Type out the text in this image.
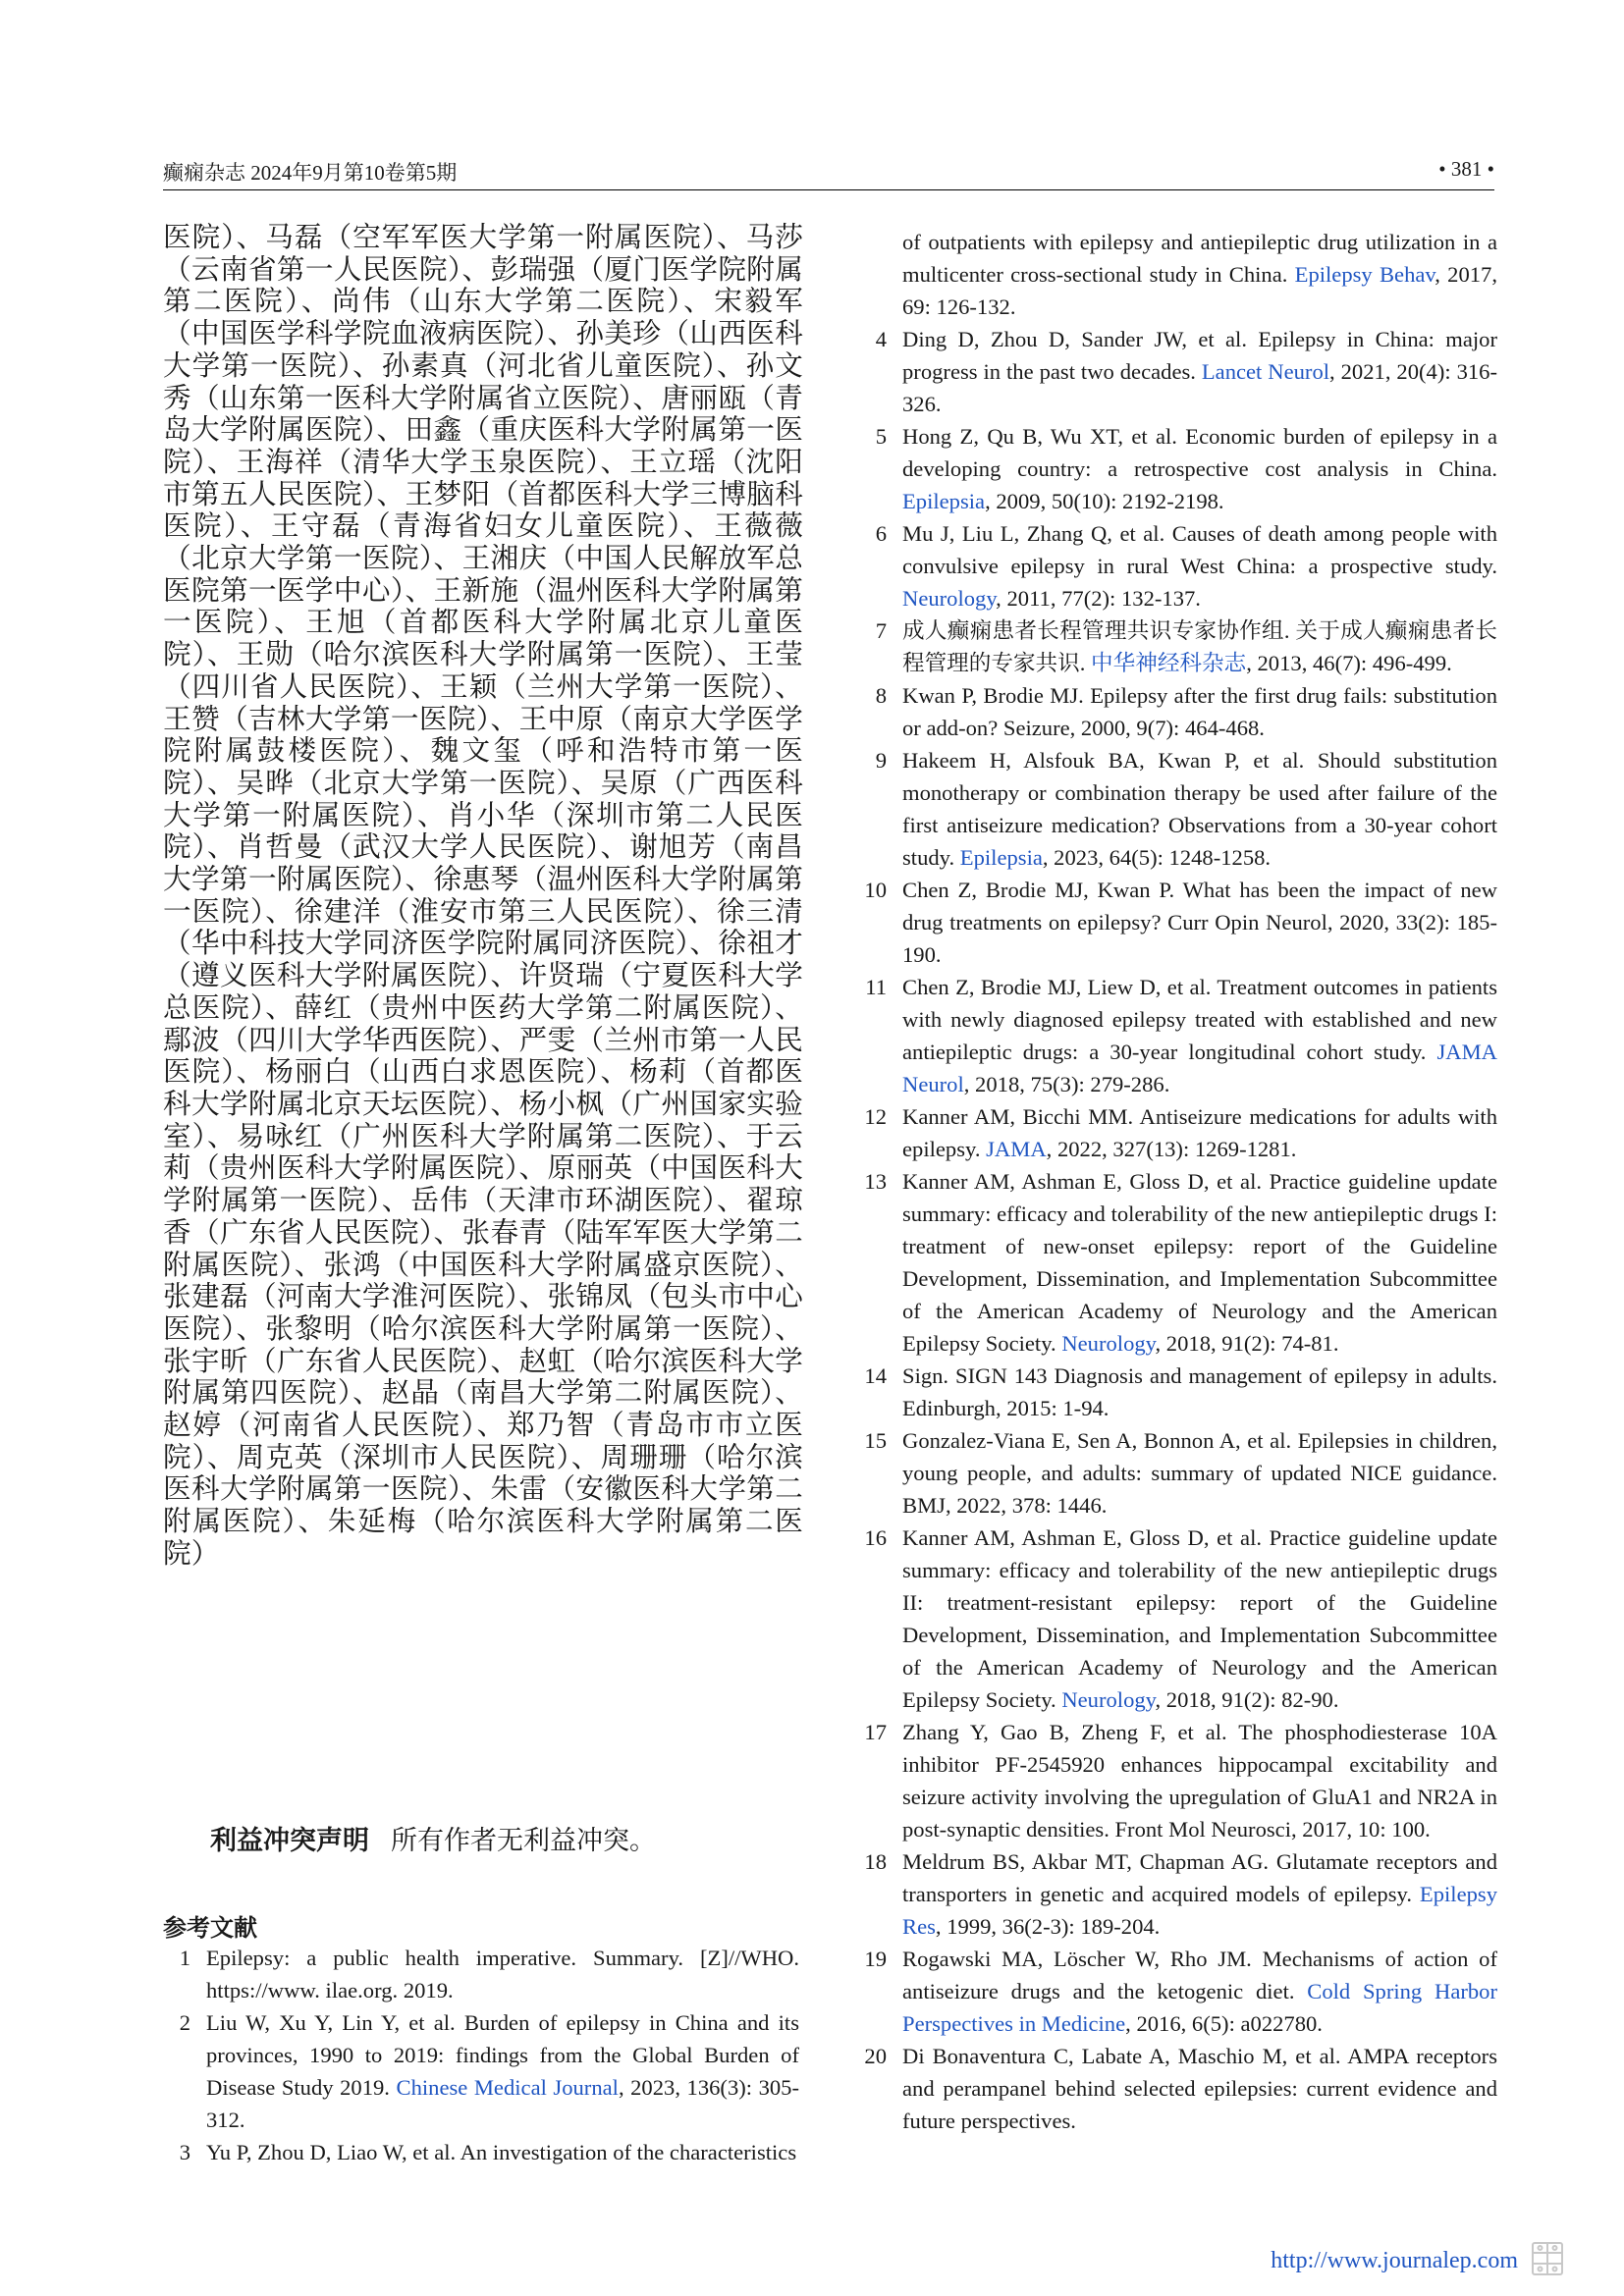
癫痫杂志 2024年9月第10卷第5期	• 381 •
医院）、马磊（空军军医大学第一附属医院）、马莎（云南省第一人民医院）、彭瑞强（厦门医学院附属第二医院）、尚伟（山东大学第二医院）、宋毅军（中国医学科学院血液病医院）、孙美珍（山西医科大学第一医院）、孙素真（河北省儿童医院）、孙文秀（山东第一医科大学附属省立医院）、唐丽瓯（青岛大学附属医院）、田鑫（重庆医科大学附属第一医院）、王海祥（清华大学玉泉医院）、王立瑶（沈阳市第五人民医院）、王梦阳（首都医科大学三博脑科医院）、王守磊（青海省妇女儿童医院）、王薇薇（北京大学第一医院）、王湘庆（中国人民解放军总医院第一医学中心）、王新施（温州医科大学附属第一医院）、王旭（首都医科大学附属北京儿童医院）、王勋（哈尔滨医科大学附属第一医院）、王莹（四川省人民医院）、王颖（兰州大学第一医院）、王赞（吉林大学第一医院）、王中原（南京大学医学院附属鼓楼医院）、魏文玺（呼和浩特市第一医院）、吴晔（北京大学第一医院）、吴原（广西医科大学第一附属医院）、肖小华（深圳市第二人民医院）、肖哲曼（武汉大学人民医院）、谢旭芳（南昌大学第一附属医院）、徐惠琴（温州医科大学附属第一医院）、徐建洋（淮安市第三人民医院）、徐三清（华中科技大学同济医学院附属同济医院）、徐祖才（遵义医科大学附属医院）、许贤瑞（宁夏医科大学总医院）、薛红（贵州中医药大学第二附属医院）、鄢波（四川大学华西医院）、严雯（兰州市第一人民医院）、杨丽白（山西白求恩医院）、杨莉（首都医科大学附属北京天坛医院）、杨小枫（广州国家实验室）、易咏红（广州医科大学附属第二医院）、于云莉（贵州医科大学附属医院）、原丽英（中国医科大学附属第一医院）、岳伟（天津市环湖医院）、翟琼香（广东省人民医院）、张春青（陆军军医大学第二附属医院）、张鸿（中国医科大学附属盛京医院）、张建磊（河南大学淮河医院）、张锦凤（包头市中心医院）、张黎明（哈尔滨医科大学附属第一医院）、张宇昕（广东省人民医院）、赵虹（哈尔滨医科大学附属第四医院）、赵晶（南昌大学第二附属医院）、赵婷（河南省人民医院）、郑乃智（青岛市市立医院）、周克英（深圳市人民医院）、周珊珊（哈尔滨医科大学附属第一医院）、朱雷（安徽医科大学第二附属医院）、朱延梅（哈尔滨医科大学附属第二医院）
利益冲突声明 所有作者无利益冲突。
参考文献
1 Epilepsy: a public health imperative. Summary. [Z]//WHO. https://www. ilae.org. 2019.
2 Liu W, Xu Y, Lin Y, et al. Burden of epilepsy in China and its provinces, 1990 to 2019: findings from the Global Burden of Disease Study 2019. Chinese Medical Journal, 2023, 136(3): 305-312.
3 Yu P, Zhou D, Liao W, et al. An investigation of the characteristics
of outpatients with epilepsy and antiepileptic drug utilization in a multicenter cross-sectional study in China. Epilepsy Behav, 2017, 69: 126-132.
4 Ding D, Zhou D, Sander JW, et al. Epilepsy in China: major progress in the past two decades. Lancet Neurol, 2021, 20(4): 316-326.
5 Hong Z, Qu B, Wu XT, et al. Economic burden of epilepsy in a developing country: a retrospective cost analysis in China. Epilepsia, 2009, 50(10): 2192-2198.
6 Mu J, Liu L, Zhang Q, et al. Causes of death among people with convulsive epilepsy in rural West China: a prospective study. Neurology, 2011, 77(2): 132-137.
7 成人癫痫患者长程管理共识专家协作组. 关于成人癫痫患者长程管理的专家共识. 中华神经科杂志, 2013, 46(7): 496-499.
8 Kwan P, Brodie MJ. Epilepsy after the first drug fails: substitution or add-on? Seizure, 2000, 9(7): 464-468.
9 Hakeem H, Alsfouk BA, Kwan P, et al. Should substitution monotherapy or combination therapy be used after failure of the first antiseizure medication? Observations from a 30-year cohort study. Epilepsia, 2023, 64(5): 1248-1258.
10 Chen Z, Brodie MJ, Kwan P. What has been the impact of new drug treatments on epilepsy? Curr Opin Neurol, 2020, 33(2): 185-190.
11 Chen Z, Brodie MJ, Liew D, et al. Treatment outcomes in patients with newly diagnosed epilepsy treated with established and new antiepileptic drugs: a 30-year longitudinal cohort study. JAMA Neurol, 2018, 75(3): 279-286.
12 Kanner AM, Bicchi MM. Antiseizure medications for adults with epilepsy. JAMA, 2022, 327(13): 1269-1281.
13 Kanner AM, Ashman E, Gloss D, et al. Practice guideline update summary: efficacy and tolerability of the new antiepileptic drugs I: treatment of new-onset epilepsy: report of the Guideline Development, Dissemination, and Implementation Subcommittee of the American Academy of Neurology and the American Epilepsy Society. Neurology, 2018, 91(2): 74-81.
14 Sign. SIGN 143 Diagnosis and management of epilepsy in adults. Edinburgh, 2015: 1-94.
15 Gonzalez-Viana E, Sen A, Bonnon A, et al. Epilepsies in children, young people, and adults: summary of updated NICE guidance. BMJ, 2022, 378: 1446.
16 Kanner AM, Ashman E, Gloss D, et al. Practice guideline update summary: efficacy and tolerability of the new antiepileptic drugs II: treatment-resistant epilepsy: report of the Guideline Development, Dissemination, and Implementation Subcommittee of the American Academy of Neurology and the American Epilepsy Society. Neurology, 2018, 91(2): 82-90.
17 Zhang Y, Gao B, Zheng F, et al. The phosphodiesterase 10A inhibitor PF-2545920 enhances hippocampal excitability and seizure activity involving the upregulation of GluA1 and NR2A in post-synaptic densities. Front Mol Neurosci, 2017, 10: 100.
18 Meldrum BS, Akbar MT, Chapman AG. Glutamate receptors and transporters in genetic and acquired models of epilepsy. Epilepsy Res, 1999, 36(2-3): 189-204.
19 Rogawski MA, Löscher W, Rho JM. Mechanisms of action of antiseizure drugs and the ketogenic diet. Cold Spring Harbor Perspectives in Medicine, 2016, 6(5): a022780.
20 Di Bonaventura C, Labate A, Maschio M, et al. AMPA receptors and perampanel behind selected epilepsies: current evidence and future perspectives.
http://www.journalep.com
